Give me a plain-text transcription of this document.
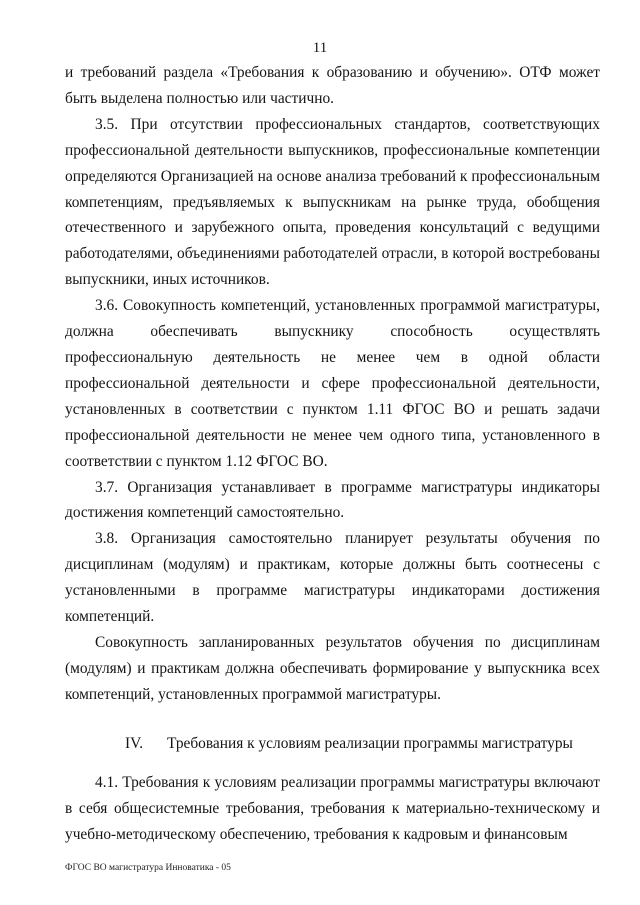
11

и требований раздела «Требования к образованию и обучению». ОТФ может быть выделена полностью или частично.

3.5. При отсутствии профессиональных стандартов, соответствующих профессиональной деятельности выпускников, профессиональные компетенции определяются Организацией на основе анализа требований к профессиональным компетенциям, предъявляемых к выпускникам на рынке труда, обобщения отечественного и зарубежного опыта, проведения консультаций с ведущими работодателями, объединениями работодателей отрасли, в которой востребованы выпускники, иных источников.

3.6. Совокупность компетенций, установленных программой магистратуры, должна обеспечивать выпускнику способность осуществлять профессиональную деятельность не менее чем в одной области профессиональной деятельности и сфере профессиональной деятельности, установленных в соответствии с пунктом 1.11 ФГОС ВО и решать задачи профессиональной деятельности не менее чем одного типа, установленного в соответствии с пунктом 1.12 ФГОС ВО.

3.7. Организация устанавливает в программе магистратуры индикаторы достижения компетенций самостоятельно.

3.8. Организация самостоятельно планирует результаты обучения по дисциплинам (модулям) и практикам, которые должны быть соотнесены с установленными в программе магистратуры индикаторами достижения компетенций.

Совокупность запланированных результатов обучения по дисциплинам (модулям) и практикам должна обеспечивать формирование у выпускника всех компетенций, установленных программой магистратуры.

IV.	Требования к условиям реализации программы магистратуры

4.1. Требования к условиям реализации программы магистратуры включают в себя общесистемные требования, требования к материально-техническому и учебно-методическому обеспечению, требования к кадровым и финансовым

ФГОС ВО магистратура Инноватика - 05
